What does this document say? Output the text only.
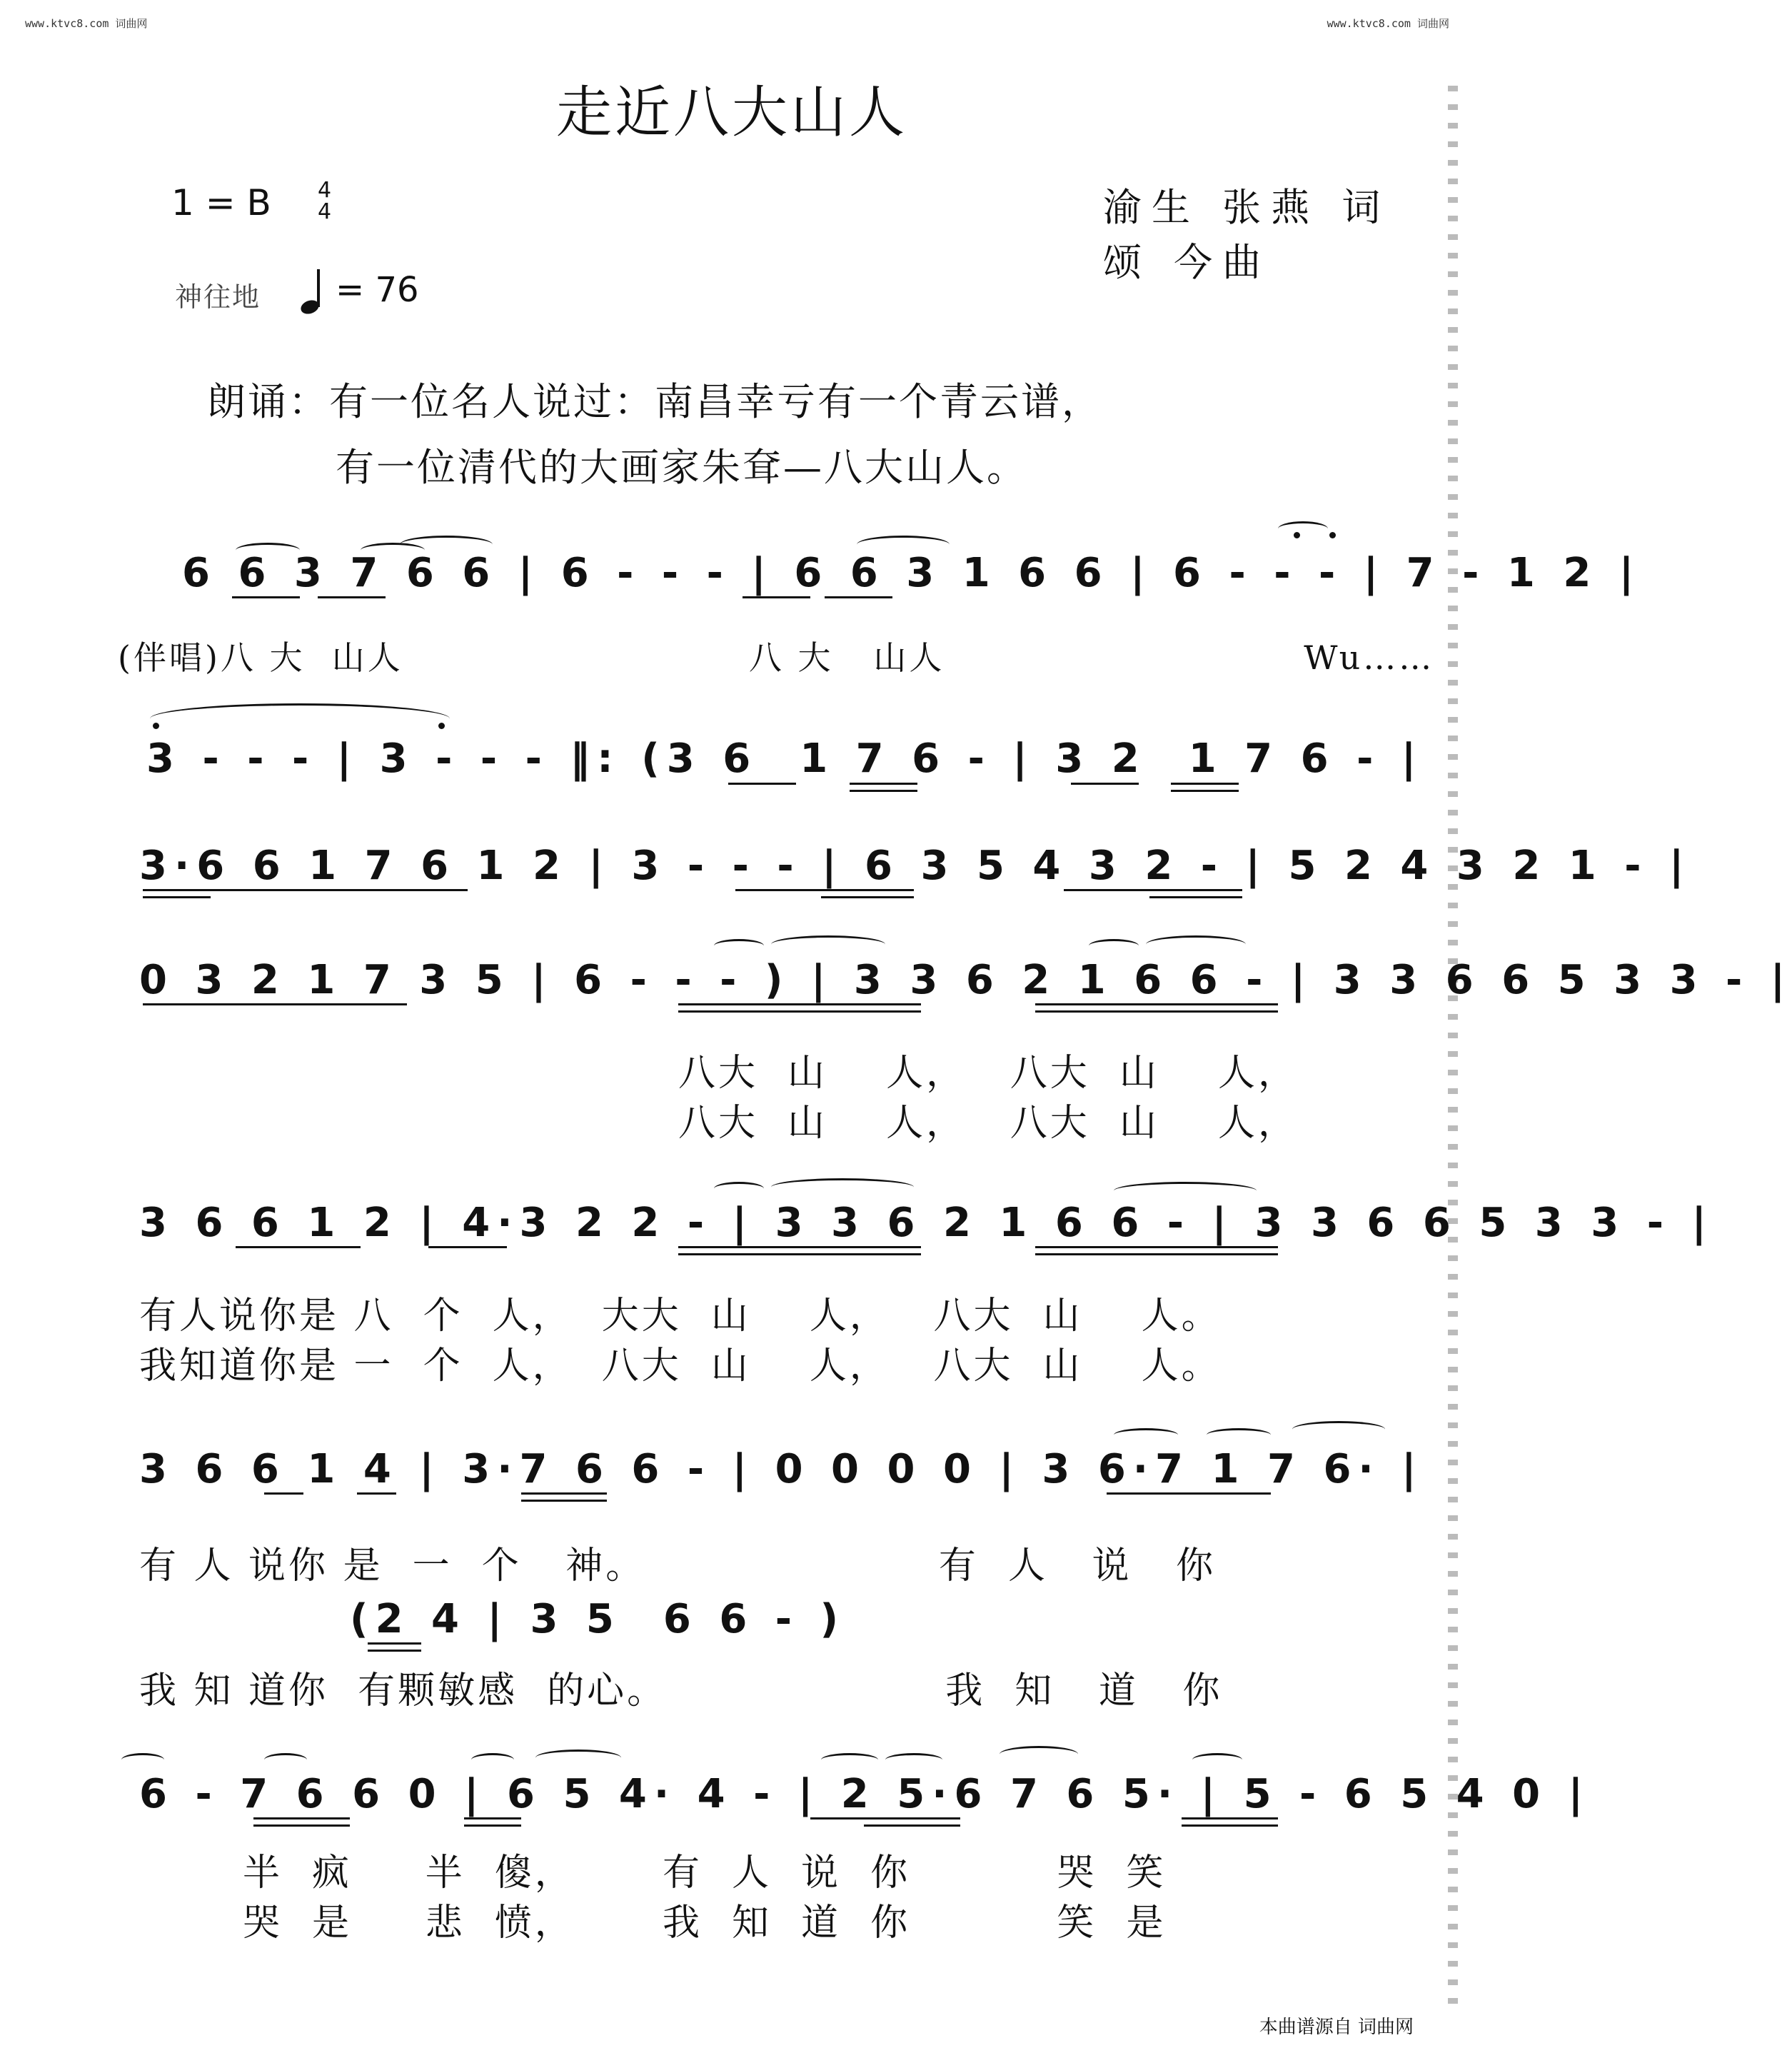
www.ktvc8.com 词曲网	www.ktvc8.com 词曲网
走近八大山人
1 = B 4
4
神往地 = 76
渝生 张燕 词
颂 今曲
朗诵：有一位名人说过：南昌幸亏有一个青云谱，
有一位清代的大画家朱耷—八大山人。
6 6 3 7 6 6 | 6 - - - | 6 6 3 1 6 6 | 6 - - - | 7 - 1 2 |
(伴唱)八 大  山人                          八 大   山人                           Wu……
3 - - - | 3 - - - ‖: (3 6  1 7 6 - | 3 2  1 7 6 - |
3·6 6 1 7 6 1 2 | 3 - - - | 6 3 5 4 3 2 - | 5 2 4 3 2 1 - |
0 3 2 1 7 3 5 | 6 - - - ) | 3 3 6 2 1 6 6 - | 3 3 6 6 5 3 3 - |
八大  山    人，   八大  山    人，
八大  山    人，   八大  山    人，
3 6 6 1 2 | 4·3 2 2 - | 3 3 6 2 1 6 6 - | 3 3 6 6 5 3 3 - |
有人说你是 八  个  人，  大大  山    人，   八大  山    人。
我知道你是 一  个  人，  八大  山    人，   八大  山    人。
3 6 6 1 4 | 3·7 6 6 - | 0 0 0 0 | 3 6·7 1 7 6· |
有 人 说你 是  一  个   神。                    有  人   说   你
(2 4 | 3 5  6 6 - )
我 知 道你  有颗敏感  的心。                   我  知   道   你
6 - 7 6 6 0 | 6 5 4· 4 - | 2 5·6 7 6 5· | 5 - 6 5 4 0 |
半  疯     半  傻，      有  人  说  你          哭  笑
哭  是     悲  愤，      我  知  道  你          笑  是
本曲谱源自 词曲网
